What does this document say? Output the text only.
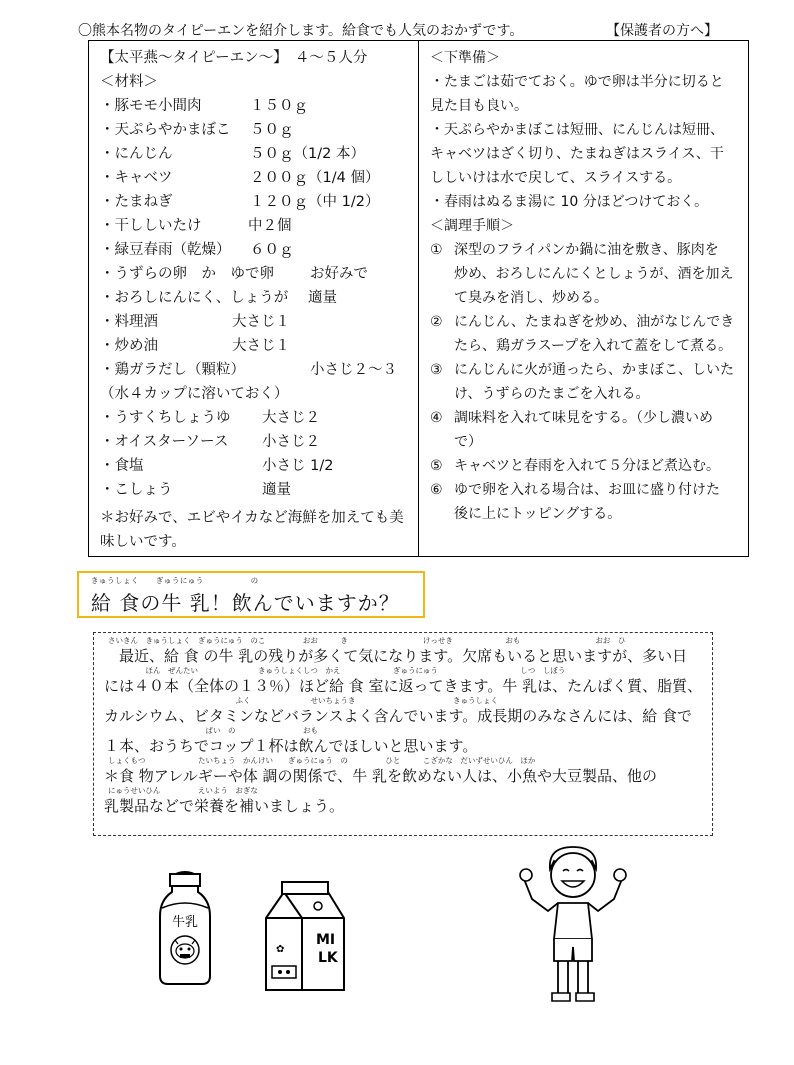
〇熊本名物のタイピーエンを紹介します。給食でも人気のおかずです。	【保護者の方へ】
【太平燕～タイピーエン～】　４～５人分
＜材料＞
・豚モモ小間肉	１５０ｇ
・天ぷらやかまぼこ ５０ｇ
・にんじん	５０ｇ（1/2 本）
・キャベツ	２００ｇ（1/4 個）
・たまねぎ	１２０ｇ（中 1/2）
・干ししいたけ	中２個
・緑豆春雨（乾燥） ６０ｇ
・うずらの卵　か　ゆで卵 お好みで
・おろしにんにく、しょうが 適量
・料理酒	大さじ１
・炒め油	大さじ１
・鶏ガラだし（顆粒）	小さじ２～３
（水４カップに溶いておく）
・うすくちしょうゆ 大さじ２
・オイスターソース 小さじ２
・食塩	小さじ 1/2
・こしょう	適量
＊お好みで、エビやイカなど海鮮を加えても美
味しいです。
＜下準備＞
・たまごは茹でておく。ゆで卵は半分に切ると
見た目も良い。
・天ぷらやかまぼこは短冊、にんじんは短冊、
キャベツはざく切り、たまねぎはスライス、干
ししいけは水で戻して、スライスする。
・春雨はぬるま湯に 10 分ほどつけておく。
＜調理手順＞
① 深型のフライパンか鍋に油を敷き、豚肉を
炒め、おろしにんにくとしょうが、酒を加え
て臭みを消し、炒める。
② にんじん、たまねぎを炒め、油がなじんでき
たら、鶏ガラスープを入れて蓋をして煮る。
③ にんじんに火が通ったら、かまぼこ、しいた
け、うずらのたまごを入れる。
④ 調味料を入れて味見をする。（少し濃いめ
で）
⑤ キャベツと春雨を入れて５分ほど煮込む。
⑥ ゆで卵を入れる場合は、お皿に盛り付けた
後に上にトッピングする。
きゅうしょく ぎゅうにゅう	の
給 食の牛 乳！飲んでいますか？
さいきん　きゅうしょく　ぎゅうにゅう　のこ　　　　　おお　　　き　　　　　　　　　　けっせき　　　　　　　おも　　　　　　　　　　おお　ひ
　最近、給 食 の牛 乳の残りが多くて気になります。欠席もいると思いますが、多い日
　　　　　ほん　ぜんたい　　　　　　　　きゅうしょくしつ　かえ　　　　　　　ぎゅうにゅう　　　　　　　　　　　しつ　しぼう
には４０本（全体の１３％）ほど給 食 室に返ってきます。牛 乳は、たんぱく質、脂質、
　　　　　　　　　　　　　　　　　ふく　　　　　　　　せいちょうき　　　　　　　　　　　　　きゅうしょく
カルシウム、ビタミンなどバランスよく含んでいます。成長期のみなさんには、給 食で
　　　　　　　　　　　　　ぱい　の　　　　　　　　　おも
１本、おうちでコップ１杯は飲んでほしいと思います。
しょくもつ　　　　　　　たいちょう　かんけい　　ぎゅうにゅう　の　　　　　ひと　　　こざかな　だいずせいひん　ほか
＊食 物アレルギーや体 調の関係で、牛 乳を飲めない人は、小魚や大豆製品、他の
にゅうせいひん　　　　　えいよう　おぎな
乳製品などで栄養を補いましょう。
牛乳
MI
LK
✿
